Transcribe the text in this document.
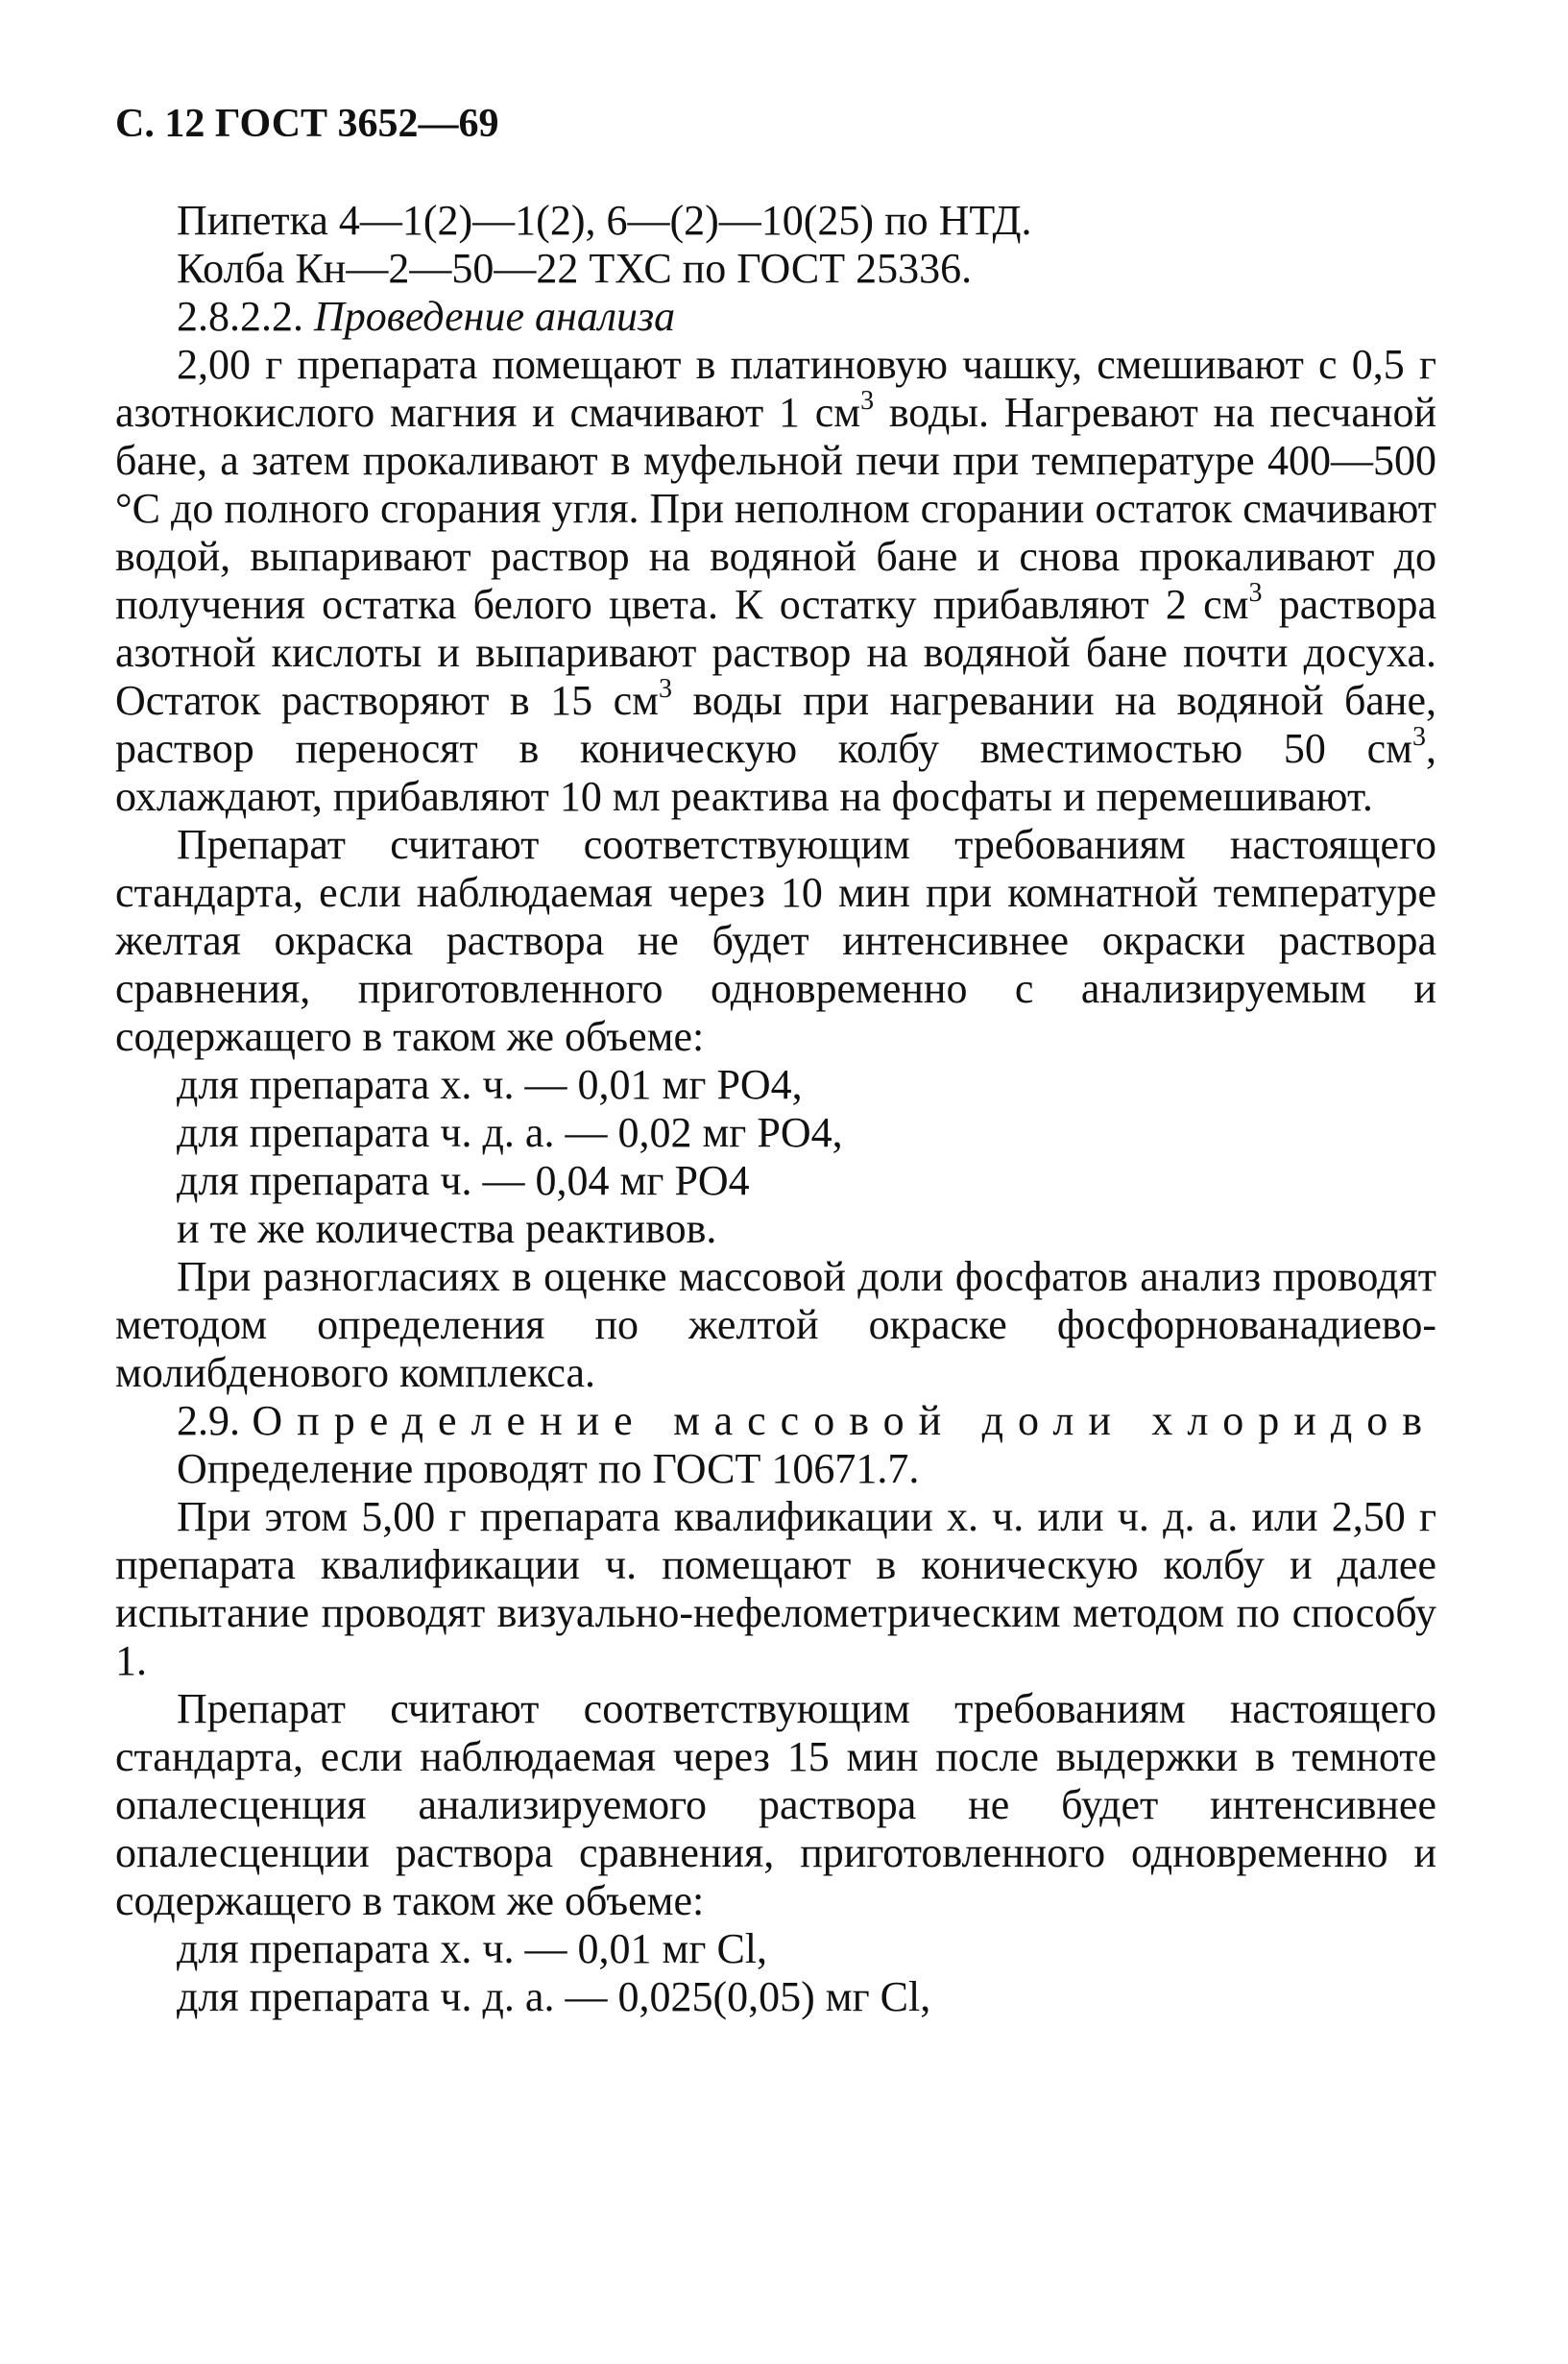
С. 12 ГОСТ 3652—69
Пипетка 4—1(2)—1(2), 6—(2)—10(25) по НТД.
Колба Кн—2—50—22 ТХС по ГОСТ 25336.
2.8.2.2. Проведение анализа

2,00 г препарата помещают в платиновую чашку, смешивают с 0,5 г азотнокислого магния и смачивают 1 $см^3$ воды. Нагревают на песчаной бане, а затем прокаливают в муфельной печи при температуре 400—500 °С до полного сгорания угля. При неполном сгорании остаток смачивают водой, выпаривают раствор на водяной бане и снова прокаливают до получения остатка белого цвета. К остатку прибавляют 2 $см^3$ раствора азотной кислоты и выпаривают раствор на водяной бане почти досуха. Остаток растворяют в 15 $см^3$ воды при нагревании на водяной бане, раствор переносят в коническую колбу вместимостью 50 $см^3$, охлаждают, прибавляют 10 мл реактива на фосфаты и перемешивают.

Препарат считают соответствующим требованиям настоящего стандарта, если наблюдаемая через 10 мин при комнатной температуре желтая окраска раствора не будет интенсивнее окраски раствора сравнения, приготовленного одновременно с анализируемым и содержащего в таком же объеме:

для препарата х. ч. — 0,01 мг PO4,
для препарата ч. д. а. — 0,02 мг PO4,
для препарата ч. — 0,04 мг PO4
и те же количества реактивов.

При разногласиях в оценке массовой доли фосфатов анализ проводят методом определения по желтой окраске фосфорнованадиево-молибденового комплекса.

2.9. Определение массовой доли хлоридов

Определение проводят по ГОСТ 10671.7.

При этом 5,00 г препарата квалификации х. ч. или ч. д. а. или 2,50 г препарата квалификации ч. помещают в коническую колбу и далее испытание проводят визуально-нефелометрическим методом по способу 1.

Препарат считают соответствующим требованиям настоящего стандарта, если наблюдаемая через 15 мин после выдержки в темноте опалесценция анализируемого раствора не будет интенсивнее опалесценции раствора сравнения, приготовленного одновременно и содержащего в таком же объеме:

для препарата х. ч. — 0,01 мг Cl,
для препарата ч. д. а. — 0,025(0,05) мг Cl,
